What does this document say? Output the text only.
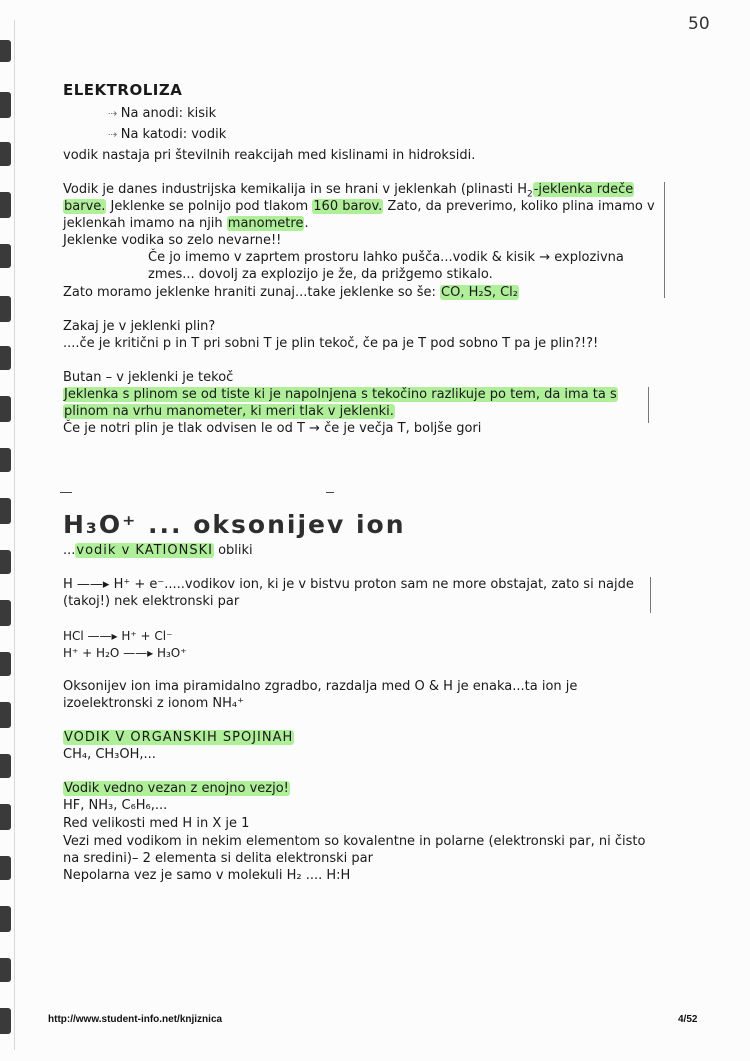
50
ELEKTROLIZA
⇢ Na anodi: kisik
⇢ Na katodi: vodik
vodik nastaja pri številnih reakcijah med kislinami in hidroksidi.
Vodik je danes industrijska kemikalija in se hrani v jeklenkah (plinasti $H_2$-jeklenka rdeče
barve. Jeklenke se polnijo pod tlakom 160 barov. Zato, da preverimo, koliko plina imamo v
jeklenkah imamo na njih manometre.
Jeklenke vodika so zelo nevarne!!
Če jo imemo v zaprtem prostoru lahko pušča...vodik & kisik → explozivna
zmes... dovolj za explozijo je že, da prižgemo stikalo.
Zato moramo jeklenke hraniti zunaj...take jeklenke so še: CO, H₂S, Cl₂
Zakaj je v jeklenki plin?
....če je kritični p in T pri sobni T je plin tekoč, če pa je T pod sobno T pa je plin?!?!
Butan – v jeklenki je tekoč
Jeklenka s plinom se od tiste ki je napolnjena s tekočino razlikuje po tem, da ima ta s
plinom na vrhu manometer, ki meri tlak v jeklenki.
Če je notri plin je tlak odvisen le od T → če je večja T, boljše gori
H₃O⁺ ... oksonijev ion
...vodik v KATIONSKI obliki
H ——▸ H⁺ + e⁻.....vodikov ion, ki je v bistvu proton sam ne more obstajat, zato si najde
(takoj!) nek elektronski par
HCl ——▸ H⁺ + Cl⁻
H⁺ + H₂O ——▸ H₃O⁺
Oksonijev ion ima piramidalno zgradbo, razdalja med O & H je enaka...ta ion je
izoelektronski z ionom NH₄⁺
VODIK V ORGANSKIH SPOJINAH
CH₄, CH₃OH,...
Vodik vedno vezan z enojno vezjo!
HF, NH₃, C₆H₆,...
Red velikosti med H in X je 1
Vezi med vodikom in nekim elementom so kovalentne in polarne (elektronski par, ni čisto
na sredini)– 2 elementa si delita elektronski par
Nepolarna vez je samo v molekuli H₂ .... H:H
http://www.student-info.net/knjiznica	4/52
